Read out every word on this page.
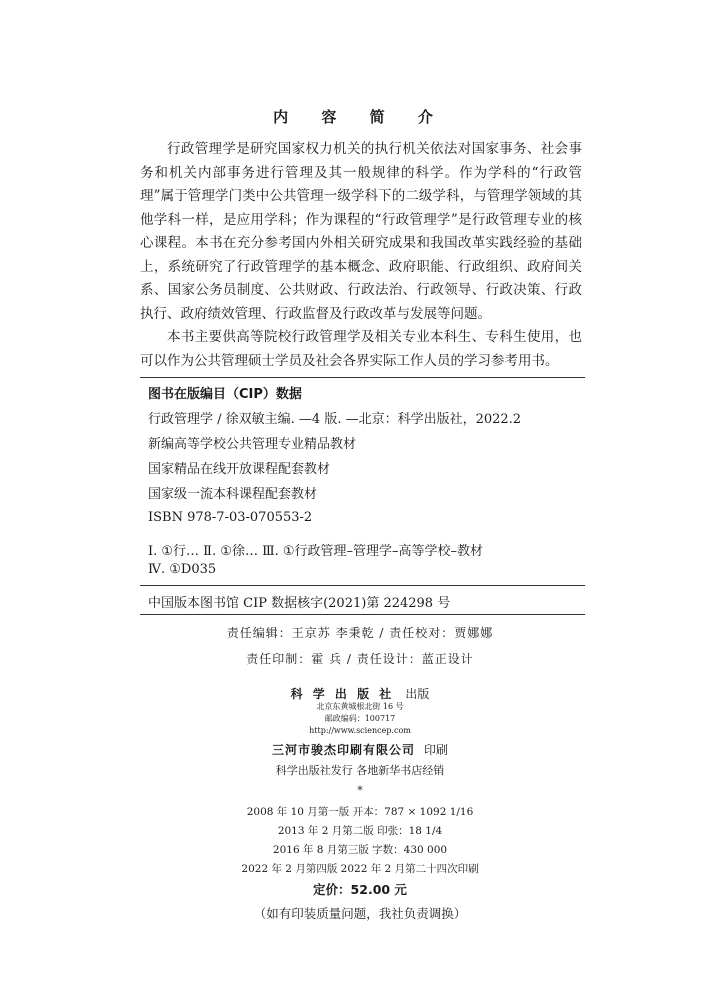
内 容 简 介

行政管理学是研究国家权力机关的执行机关依法对国家事务、社会事务和机关内部事务进行管理及其一般规律的科学。作为学科的“行政管理”属于管理学门类中公共管理一级学科下的二级学科，与管理学领域的其他学科一样，是应用学科；作为课程的“行政管理学”是行政管理专业的核心课程。本书在充分参考国内外相关研究成果和我国改革实践经验的基础上，系统研究了行政管理学的基本概念、政府职能、行政组织、政府间关系、国家公务员制度、公共财政、行政法治、行政领导、行政决策、行政执行、政府绩效管理、行政监督及行政改革与发展等问题。

本书主要供高等院校行政管理学及相关专业本科生、专科生使用，也可以作为公共管理硕士学员及社会各界实际工作人员的学习参考用书。

图书在版编目（CIP）数据
行政管理学 / 徐双敏主编. —4 版. —北京：科学出版社，2022.2
新编高等学校公共管理专业精品教材
国家精品在线开放课程配套教材
国家级一流本科课程配套教材
ISBN 978-7-03-070553-2
Ⅰ. ①行… Ⅱ. ①徐… Ⅲ. ①行政管理–管理学–高等学校–教材
Ⅳ. ①D035
中国版本图书馆 CIP 数据核字(2021)第 224298 号
责任编辑：王京苏 李秉乾 / 责任校对：贾娜娜
责任印制：霍 兵 / 责任设计：蓝正设计
科 学 出 版 社 出版
北京东黄城根北街 16 号
邮政编码：100717
http://www.sciencep.com
三河市骏杰印刷有限公司 印刷
科学出版社发行 各地新华书店经销
*
2008 年 10 月第一版 开本：787 × 1092 1/16
2013 年 2 月第二版 印张：18 1/4
2016 年 8 月第三版 字数：430 000
2022 年 2 月第四版 2022 年 2 月第二十四次印刷
定价：52.00 元
（如有印装质量问题，我社负责调换）
